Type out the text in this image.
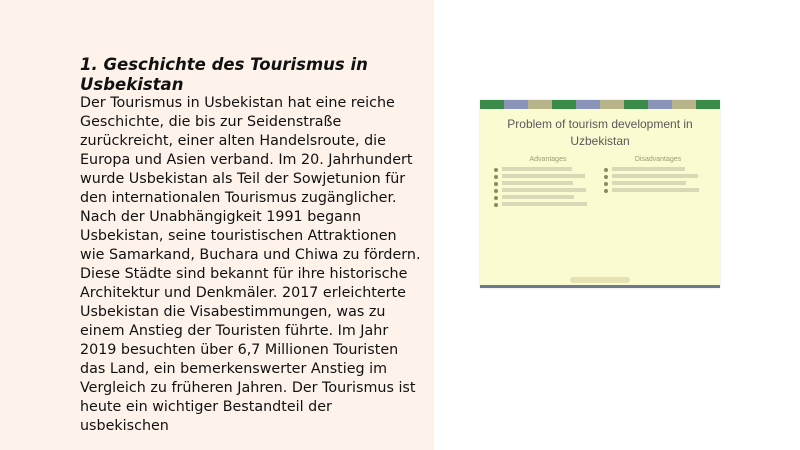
1. Geschichte des Tourismus in Usbekistan

Der Tourismus in Usbekistan hat eine reiche Geschichte, die bis zur Seidenstraße zurückreicht, einer alten Handelsroute, die Europa und Asien verband. Im 20. Jahrhundert wurde Usbekistan als Teil der Sowjetunion für den internationalen Tourismus zugänglicher. Nach der Unabhängigkeit 1991 begann Usbekistan, seine touristischen Attraktionen wie Samarkand, Buchara und Chiwa zu fördern. Diese Städte sind bekannt für ihre historische Architektur und Denkmäler. 2017 erleichterte Usbekistan die Visabestimmungen, was zu einem Anstieg der Touristen führte. Im Jahr 2019 besuchten über 6,7 Millionen Touristen das Land, ein bemerkenswerter Anstieg im Vergleich zu früheren Jahren. Der Tourismus ist heute ein wichtiger Bestandteil der usbekischen

Problem of tourism development in Uzbekistan
Advantages	Disadvantages
